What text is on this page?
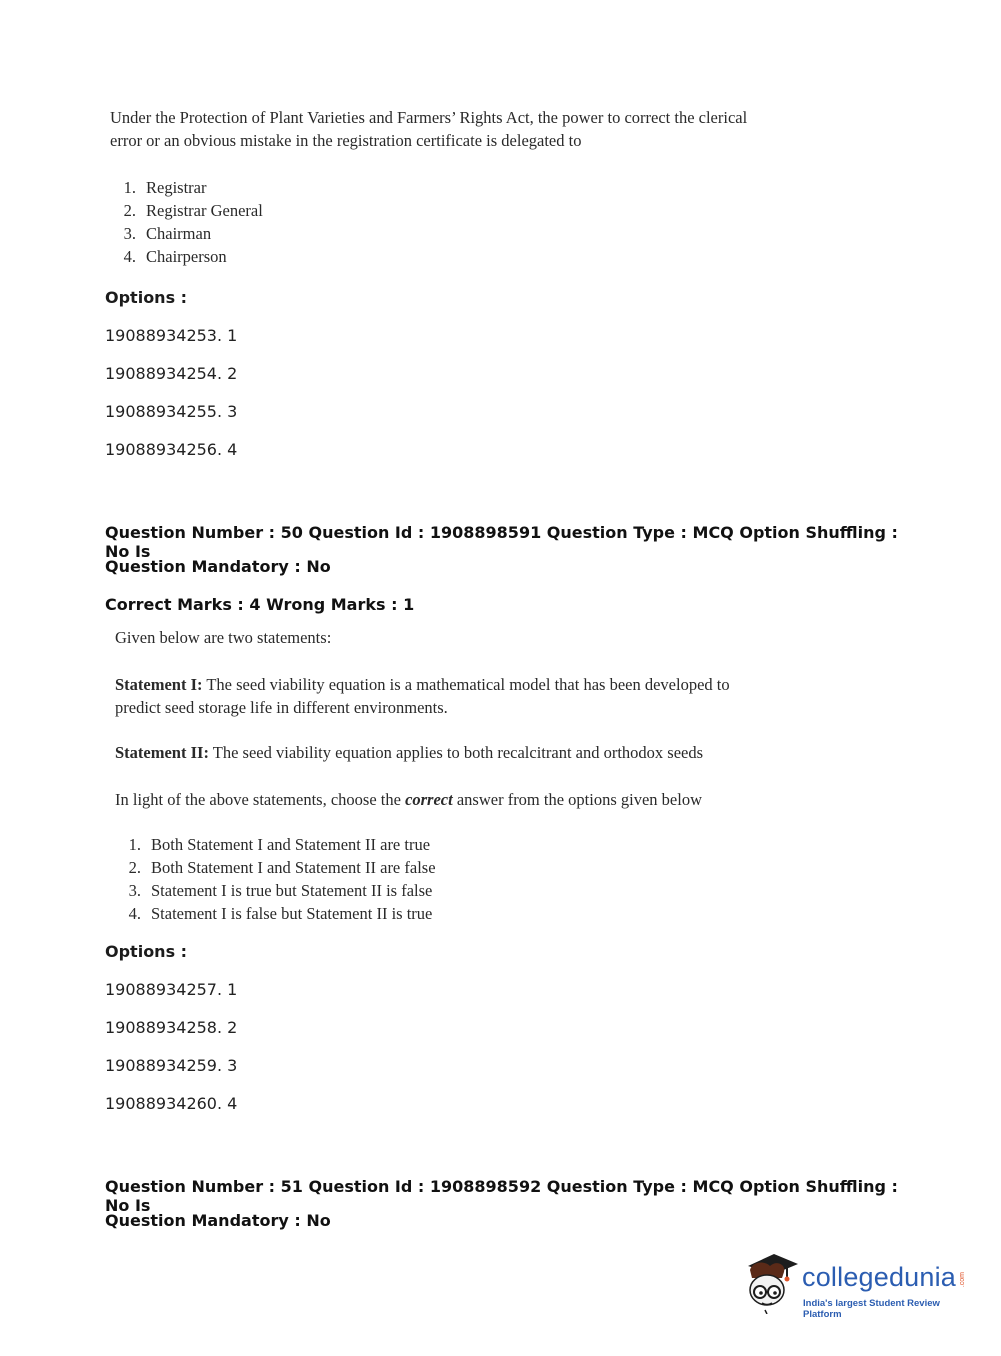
Under the Protection of Plant Varieties and Farmers’ Rights Act, the power to correct the clerical
error or an obvious mistake in the registration certificate is delegated to
1. Registrar
2. Registrar General
3. Chairman
4. Chairperson
Options :
19088934253. 1
19088934254. 2
19088934255. 3
19088934256. 4
Question Number : 50 Question Id : 1908898591 Question Type : MCQ Option Shuffling : No Is
Question Mandatory : No
Correct Marks : 4 Wrong Marks : 1
Given below are two statements:
Statement I: The seed viability equation is a mathematical model that has been developed to
predict seed storage life in different environments.
Statement II: The seed viability equation applies to both recalcitrant and orthodox seeds
In light of the above statements, choose the correct answer from the options given below
1. Both Statement I and Statement II are true
2. Both Statement I and Statement II are false
3. Statement I is true but Statement II is false
4. Statement I is false but Statement II is true
Options :
19088934257. 1
19088934258. 2
19088934259. 3
19088934260. 4
Question Number : 51 Question Id : 1908898592 Question Type : MCQ Option Shuffling : No Is
Question Mandatory : No
collegedunia .com
India's largest Student Review Platform
